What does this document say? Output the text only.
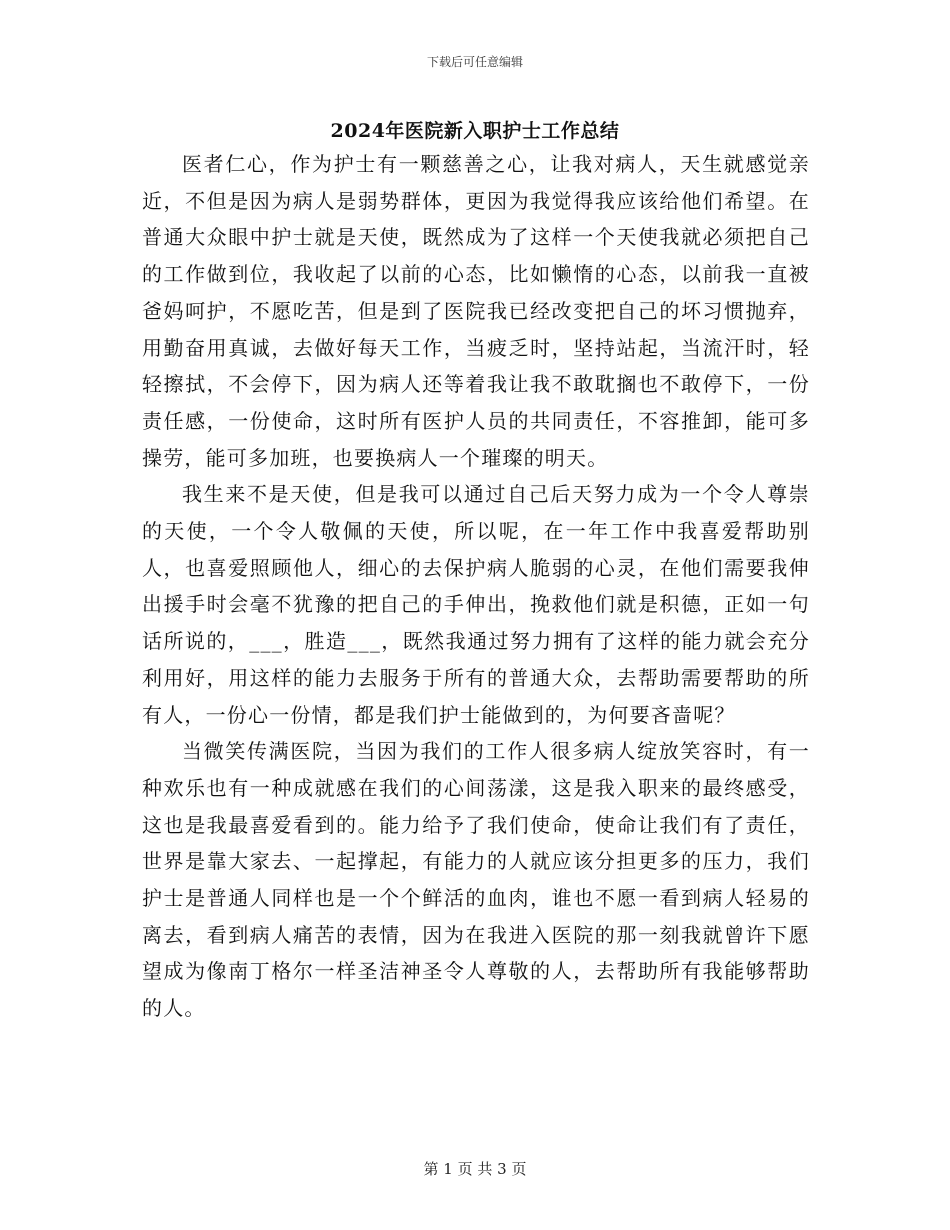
下载后可任意编辑
2024年医院新入职护士工作总结

医者仁心，作为护士有一颗慈善之心，让我对病人，天生就感觉亲近，不但是因为病人是弱势群体，更因为我觉得我应该给他们希望。在普通大众眼中护士就是天使，既然成为了这样一个天使我就必须把自己的工作做到位，我收起了以前的心态，比如懒惰的心态，以前我一直被爸妈呵护，不愿吃苦，但是到了医院我已经改变把自己的坏习惯抛弃，用勤奋用真诚，去做好每天工作，当疲乏时，坚持站起，当流汗时，轻轻擦拭，不会停下，因为病人还等着我让我不敢耽搁也不敢停下，一份责任感，一份使命，这时所有医护人员的共同责任，不容推卸，能可多操劳，能可多加班，也要换病人一个璀璨的明天。

我生来不是天使，但是我可以通过自己后天努力成为一个令人尊崇的天使，一个令人敬佩的天使，所以呢，在一年工作中我喜爱帮助别人，也喜爱照顾他人，细心的去保护病人脆弱的心灵，在他们需要我伸出援手时会毫不犹豫的把自己的手伸出，挽救他们就是积德，正如一句话所说的，___，胜造___，既然我通过努力拥有了这样的能力就会充分利用好，用这样的能力去服务于所有的普通大众，去帮助需要帮助的所有人，一份心一份情，都是我们护士能做到的，为何要吝啬呢？

当微笑传满医院，当因为我们的工作人很多病人绽放笑容时，有一种欢乐也有一种成就感在我们的心间荡漾，这是我入职来的最终感受，这也是我最喜爱看到的。能力给予了我们使命，使命让我们有了责任，世界是靠大家去、一起撑起，有能力的人就应该分担更多的压力，我们护士是普通人同样也是一个个鲜活的血肉，谁也不愿一看到病人轻易的离去，看到病人痛苦的表情，因为在我进入医院的那一刻我就曾许下愿望成为像南丁格尔一样圣洁神圣令人尊敬的人，去帮助所有我能够帮助的人。

第 1 页 共 3 页
